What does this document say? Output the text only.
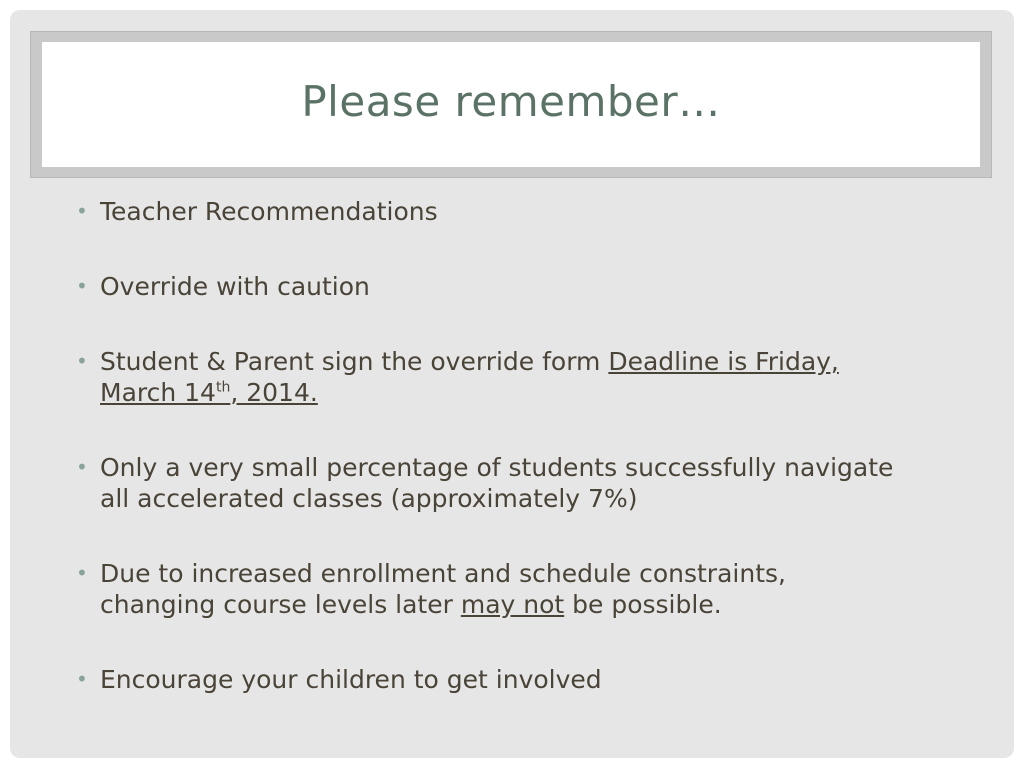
Please remember…
• Teacher Recommendations
• Override with caution
• Student & Parent sign the override form Deadline is Friday, March 14th, 2014.
• Only a very small percentage of students successfully navigate all accelerated classes (approximately 7%)
• Due to increased enrollment and schedule constraints, changing course levels later may not be possible.
• Encourage your children to get involved
